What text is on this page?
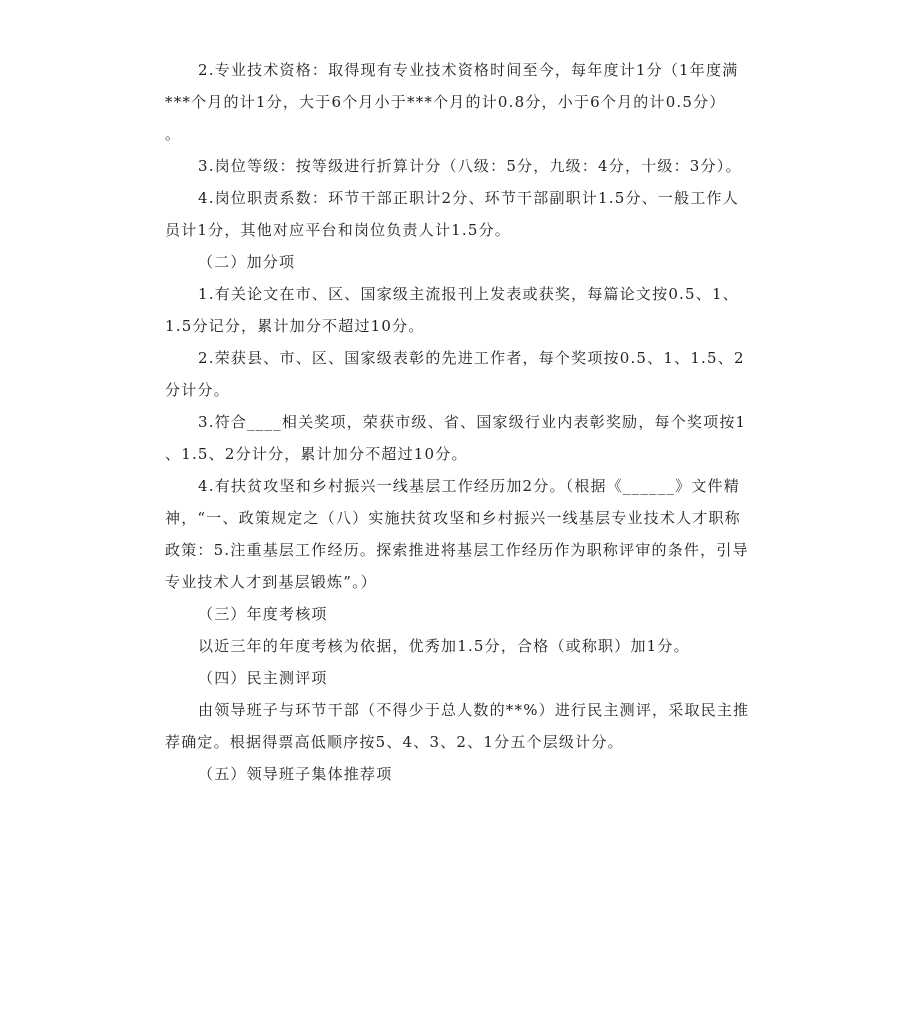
2.专业技术资格：取得现有专业技术资格时间至今，每年度计1分（1年度满
***个月的计1分，大于6个月小于***个月的计0.8分，小于6个月的计0.5分）
。
3.岗位等级：按等级进行折算计分（八级：5分，九级：4分，十级：3分）。
4.岗位职责系数：环节干部正职计2分、环节干部副职计1.5分、一般工作人
员计1分，其他对应平台和岗位负责人计1.5分。
（二）加分项
1.有关论文在市、区、国家级主流报刊上发表或获奖，每篇论文按0.5、1、
1.5分记分，累计加分不超过10分。
2.荣获县、市、区、国家级表彰的先进工作者，每个奖项按0.5、1、1.5、2
分计分。
3.符合____相关奖项，荣获市级、省、国家级行业内表彰奖励，每个奖项按1
、1.5、2分计分，累计加分不超过10分。
4.有扶贫攻坚和乡村振兴一线基层工作经历加2分。（根据《______》文件精
神，“一、政策规定之（八）实施扶贫攻坚和乡村振兴一线基层专业技术人才职称
政策：5.注重基层工作经历。探索推进将基层工作经历作为职称评审的条件，引导
专业技术人才到基层锻炼”。）
（三）年度考核项
以近三年的年度考核为依据，优秀加1.5分，合格（或称职）加1分。
（四）民主测评项
由领导班子与环节干部（不得少于总人数的**%）进行民主测评，采取民主推
荐确定。根据得票高低顺序按5、4、3、2、1分五个层级计分。
（五）领导班子集体推荐项
